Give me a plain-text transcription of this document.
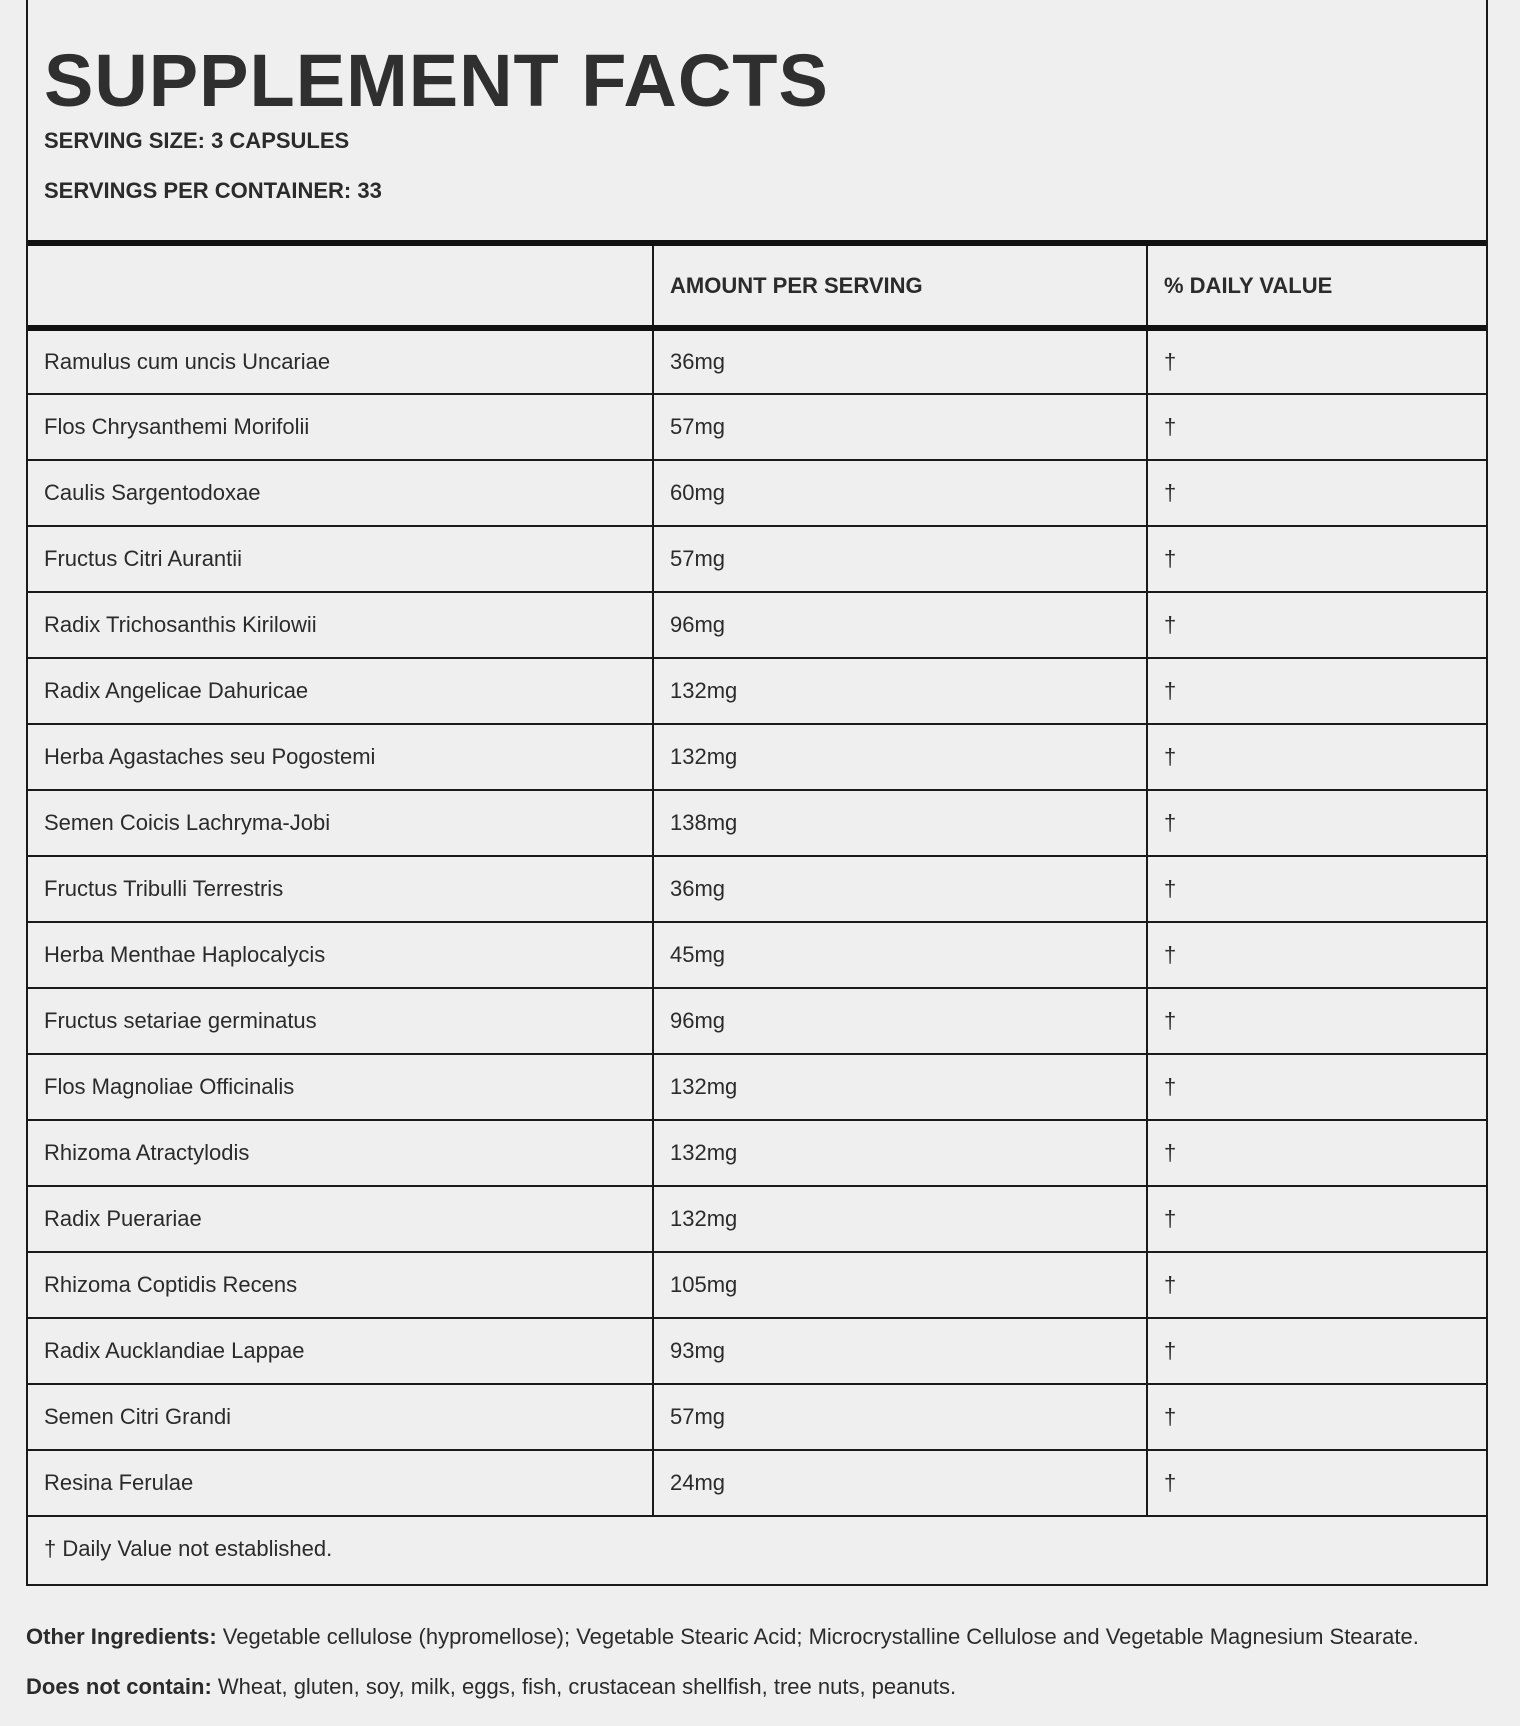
SUPPLEMENT FACTS
SERVING SIZE: 3 CAPSULES
SERVINGS PER CONTAINER: 33
	AMOUNT PER SERVING	% DAILY VALUE
Ramulus cum uncis Uncariae	36mg	†
Flos Chrysanthemi Morifolii	57mg	†
Caulis Sargentodoxae	60mg	†
Fructus Citri Aurantii	57mg	†
Radix Trichosanthis Kirilowii	96mg	†
Radix Angelicae Dahuricae	132mg	†
Herba Agastaches seu Pogostemi	132mg	†
Semen Coicis Lachryma-Jobi	138mg	†
Fructus Tribulli Terrestris	36mg	†
Herba Menthae Haplocalycis	45mg	†
Fructus setariae germinatus	96mg	†
Flos Magnoliae Officinalis	132mg	†
Rhizoma Atractylodis	132mg	†
Radix Puerariae	132mg	†
Rhizoma Coptidis Recens	105mg	†
Radix Aucklandiae Lappae	93mg	†
Semen Citri Grandi	57mg	†
Resina Ferulae	24mg	†
† Daily Value not established.		
Other Ingredients: Vegetable cellulose (hypromellose); Vegetable Stearic Acid; Microcrystalline Cellulose and Vegetable Magnesium Stearate.
Does not contain: Wheat, gluten, soy, milk, eggs, fish, crustacean shellfish, tree nuts, peanuts.
